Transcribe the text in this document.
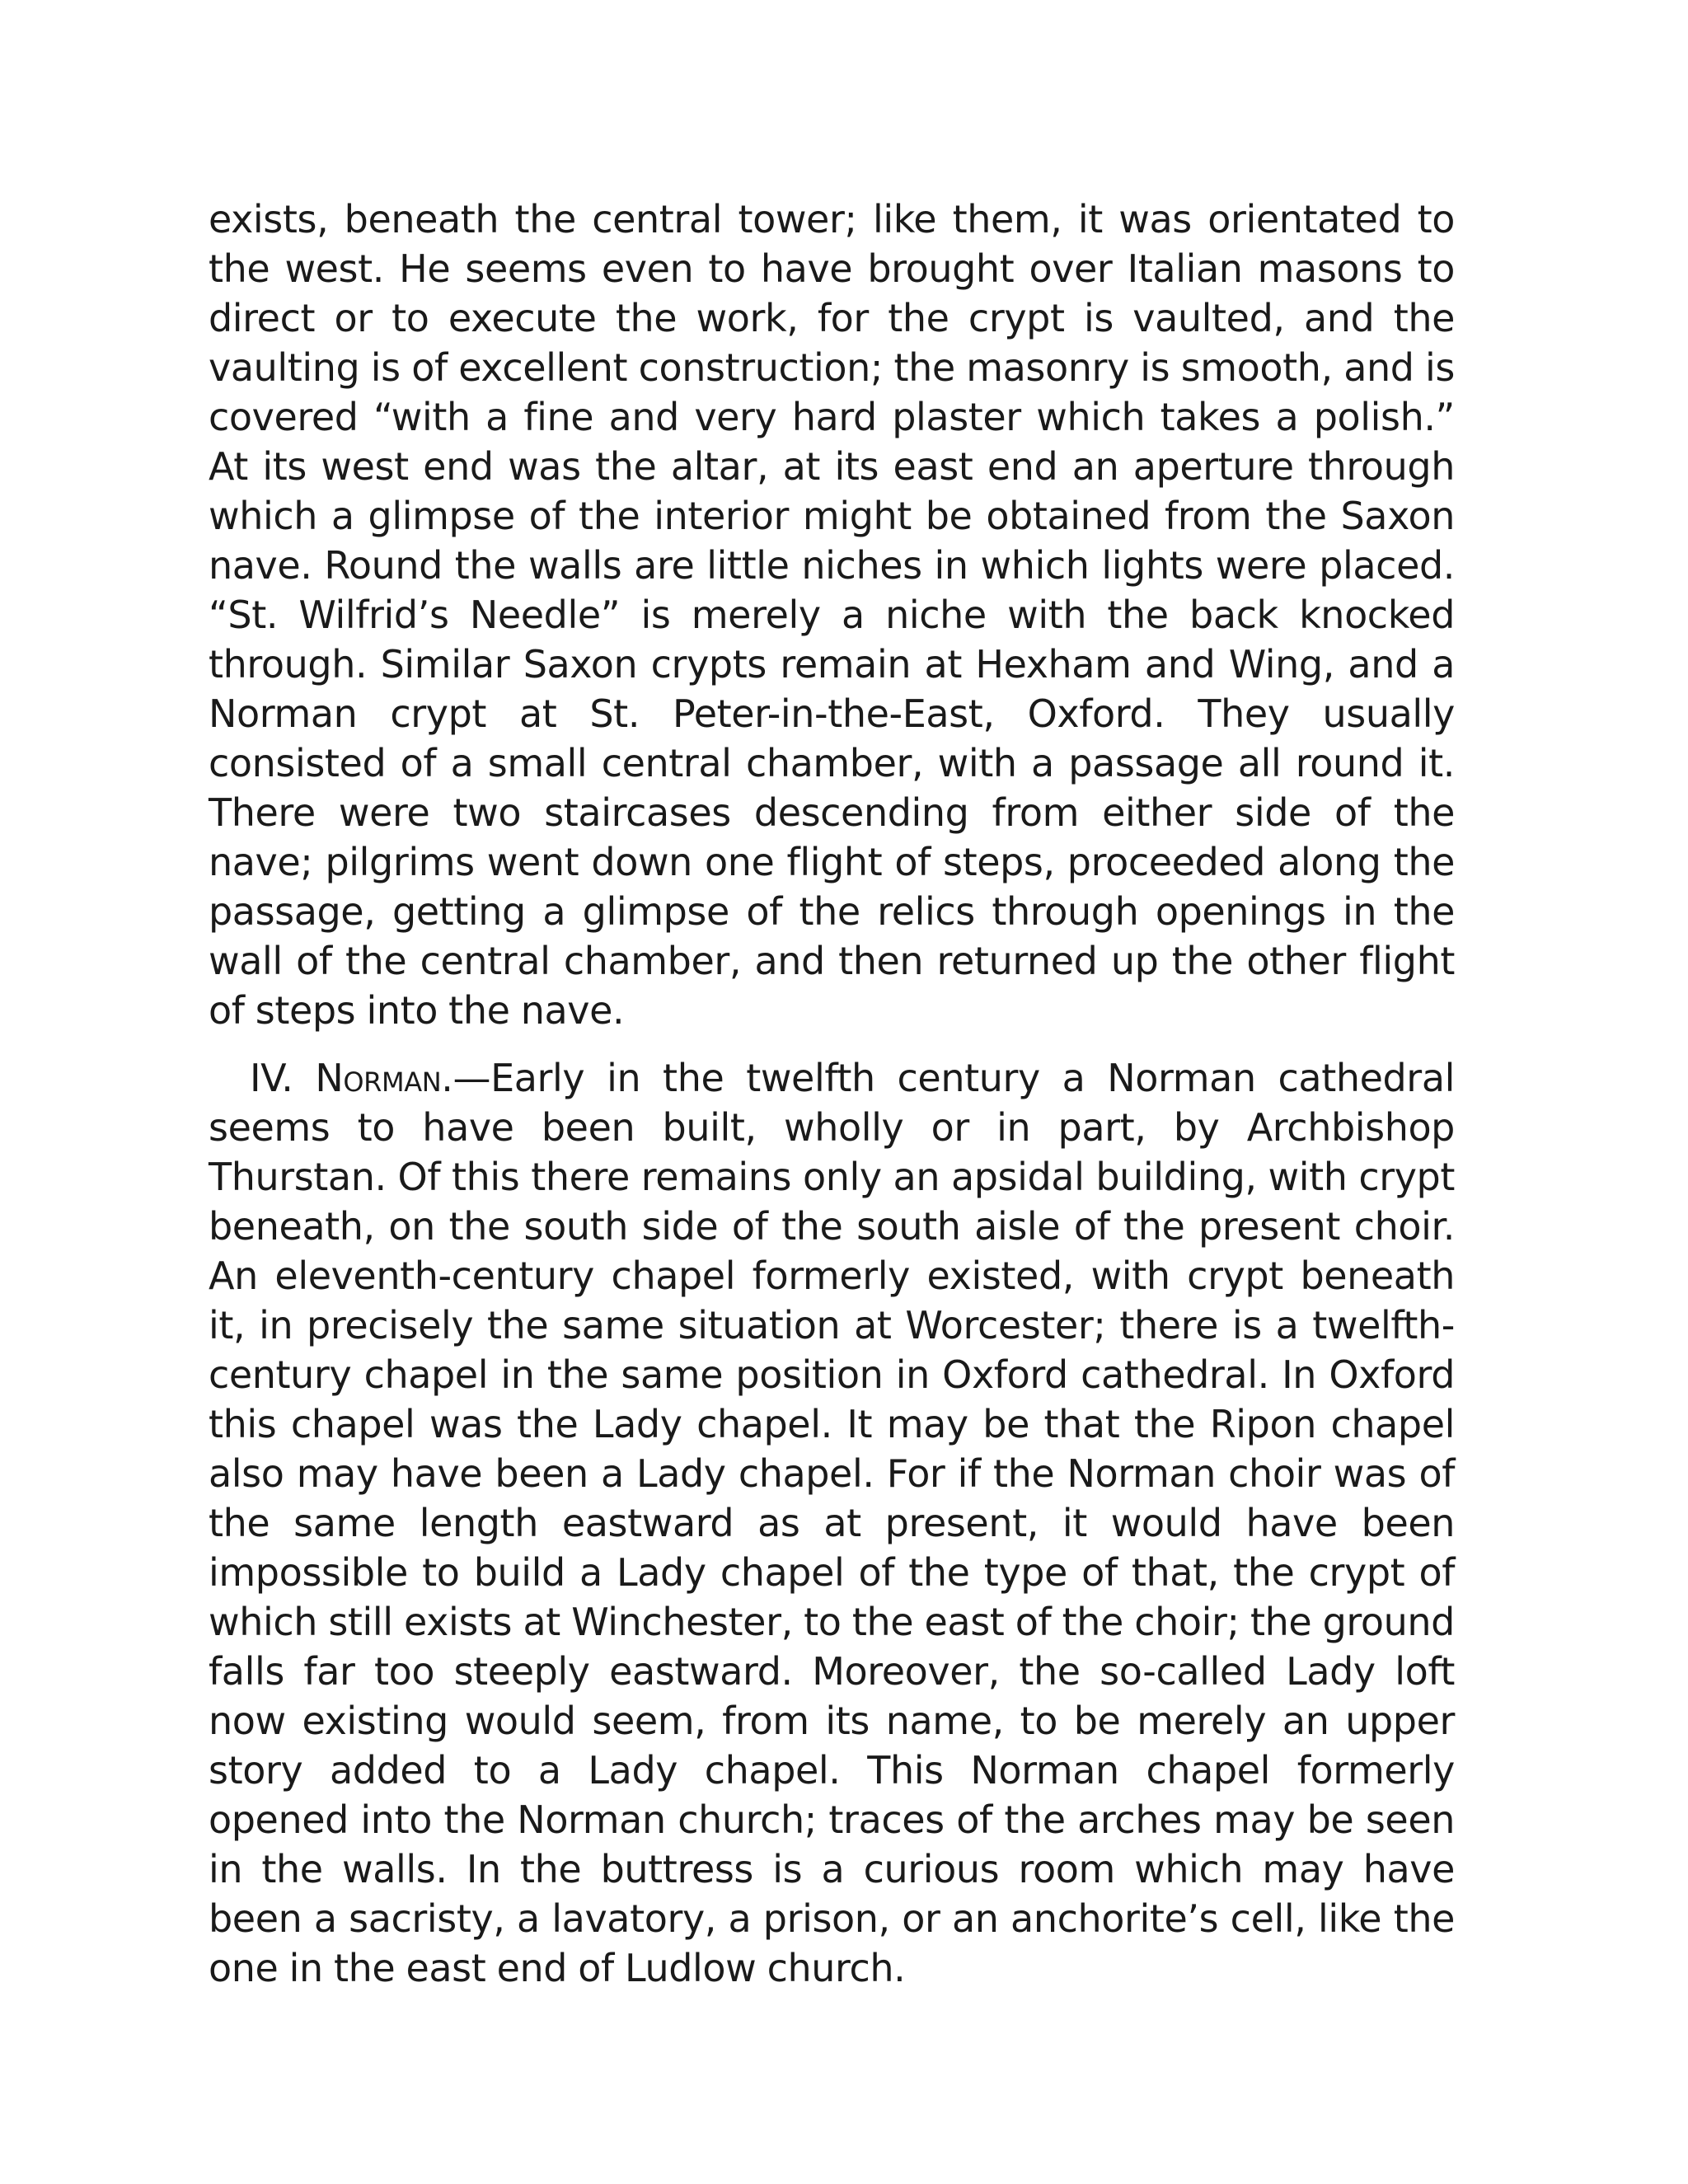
exists, beneath the central tower; like them, it was orientated to the west. He seems even to have brought over Italian masons to direct or to execute the work, for the crypt is vaulted, and the vaulting is of excellent construction; the masonry is smooth, and is covered “with a fine and very hard plaster which takes a polish.” At its west end was the altar, at its east end an aperture through which a glimpse of the interior might be obtained from the Saxon nave. Round the walls are little niches in which lights were placed. “St. Wilfrid’s Needle” is merely a niche with the back knocked through. Similar Saxon crypts remain at Hexham and Wing, and a Norman crypt at St. Peter-in-the-East, Oxford. They usually consisted of a small central chamber, with a passage all round it. There were two staircases descending from either side of the nave; pilgrims went down one flight of steps, proceeded along the passage, getting a glimpse of the relics through openings in the wall of the central chamber, and then returned up the other flight of steps into the nave.

IV. Norman.—Early in the twelfth century a Norman cathedral seems to have been built, wholly or in part, by Archbishop Thurstan. Of this there remains only an apsidal building, with crypt beneath, on the south side of the south aisle of the present choir. An eleventh-century chapel formerly existed, with crypt beneath it, in precisely the same situation at Worcester; there is a twelfth-century chapel in the same position in Oxford cathedral. In Oxford this chapel was the Lady chapel. It may be that the Ripon chapel also may have been a Lady chapel. For if the Norman choir was of the same length eastward as at present, it would have been impossible to build a Lady chapel of the type of that, the crypt of which still exists at Winchester, to the east of the choir; the ground falls far too steeply eastward. Moreover, the so-called Lady loft now existing would seem, from its name, to be merely an upper story added to a Lady chapel. This Norman chapel formerly opened into the Norman church; traces of the arches may be seen in the walls. In the buttress is a curious room which may have been a sacristy, a lavatory, a prison, or an anchorite’s cell, like the one in the east end of Ludlow church.
